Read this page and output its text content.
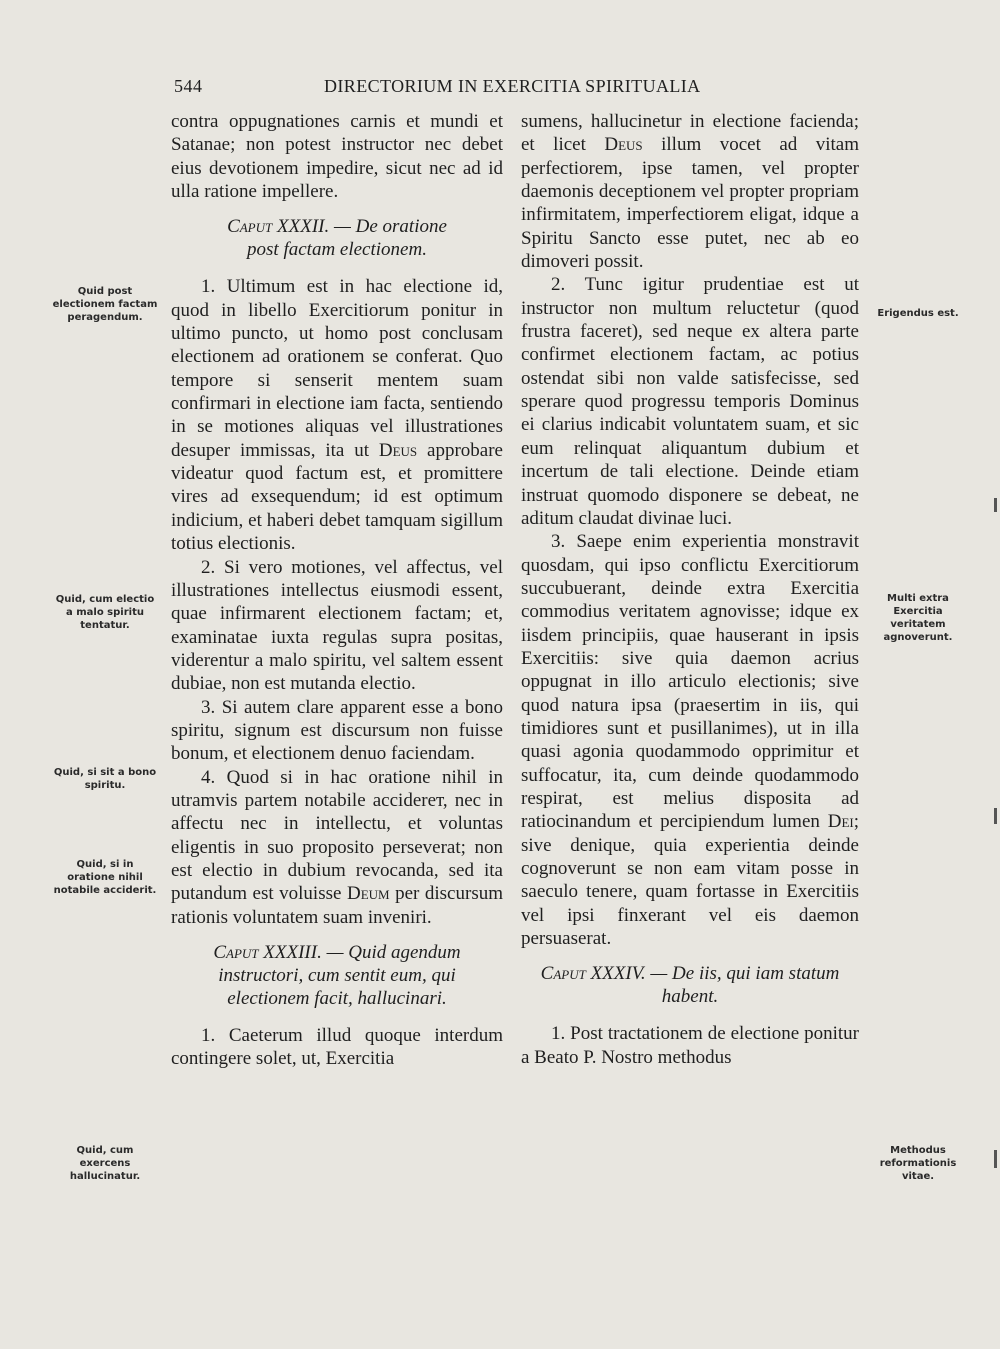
544	DIRECTORIUM IN EXERCITIA SPIRITUALIA

contra oppugnationes carnis et mundi et Satanae; non potest instructor nec debet eius devotionem impedire, sicut nec ad id ulla ratione impellere.

Caput XXXII. — De oratione
post factam electionem.

1. Ultimum est in hac electione id, quod in libello Exercitiorum ponitur in ultimo puncto, ut homo post conclusam electionem ad orationem se conferat. Quo tempore si senserit mentem suam confirmari in electione iam facta, sentiendo in se motiones aliquas vel illustrationes desuper immissas, ita ut Deus approbare videatur quod factum est, et promittere vires ad exsequendum; id est optimum indicium, et haberi debet tamquam sigillum totius electionis.

2. Si vero motiones, vel affectus, vel illustrationes intellectus eiusmodi essent, quae infirmarent electionem factam; et, examinatae iuxta regulas supra positas, viderentur a malo spiritu, vel saltem essent dubiae, non est mutanda electio.

3. Si autem clare apparent esse a bono spiritu, signum est discursum non fuisse bonum, et electionem denuo faciendam.

4. Quod si in hac oratione nihil in utramvis partem notabile acciderет, nec in affectu nec in intellectu, et voluntas eligentis in suo proposito perseverat; non est electio in dubium revocanda, sed ita putandum est voluisse Deum per discursum rationis voluntatem suam inveniri.

Caput XXXIII. — Quid agendum instructori, cum sentit eum, qui electionem facit, hallucinari.

1. Caeterum illud quoque interdum contingere solet, ut, Exercitia

sumens, hallucinetur in electione facienda; et licet Deus illum vocet ad vitam perfectiorem, ipse tamen, vel propter daemonis deceptionem vel propter propriam infirmitatem, imperfectiorem eligat, idque a Spiritu Sancto esse putet, nec ab eo dimoveri possit.

2. Tunc igitur prudentiae est ut instructor non multum reluctetur (quod frustra faceret), sed neque ex altera parte confirmet electionem factam, ac potius ostendat sibi non valde satisfecisse, sed sperare quod progressu temporis Dominus ei clarius indicabit voluntatem suam, et sic eum relinquat aliquantum dubium et incertum de tali electione. Deinde etiam instruat quomodo disponere se debeat, ne aditum claudat divinae luci.

3. Saepe enim experientia monstravit quosdam, qui ipso conflictu Exercitiorum succubuerant, deinde extra Exercitia commodius veritatem agnovisse; idque ex iisdem principiis, quae hauserant in ipsis Exercitiis: sive quia daemon acrius oppugnat in illo articulo electionis; sive quod natura ipsa (praesertim in iis, qui timidiores sunt et pusillanimes), ut in illa quasi agonia quodammodo opprimitur et suffocatur, ita, cum deinde quodammodo respirat, est melius disposita ad ratiocinandum et percipiendum lumen Dei; sive denique, quia experientia deinde cognoverunt se non eam vitam posse in saeculo tenere, quam fortasse in Exercitiis vel ipsi finxerant vel eis daemon persuaserat.

Caput XXXIV. — De iis, qui iam statum habent.

1. Post tractationem de electione ponitur a Beato P. Nostro methodus

Quid post electionem factam peragendum.
Quid, cum electio a malo spiritu tentatur.
Quid, si sit a bono spiritu.
Quid, si in oratione nihil notabile acciderit.
Quid, cum exercens hallucinatur.
Erigendus est.
Multi extra Exercitia veritatem agnoverunt.
Methodus reformationis vitae.
